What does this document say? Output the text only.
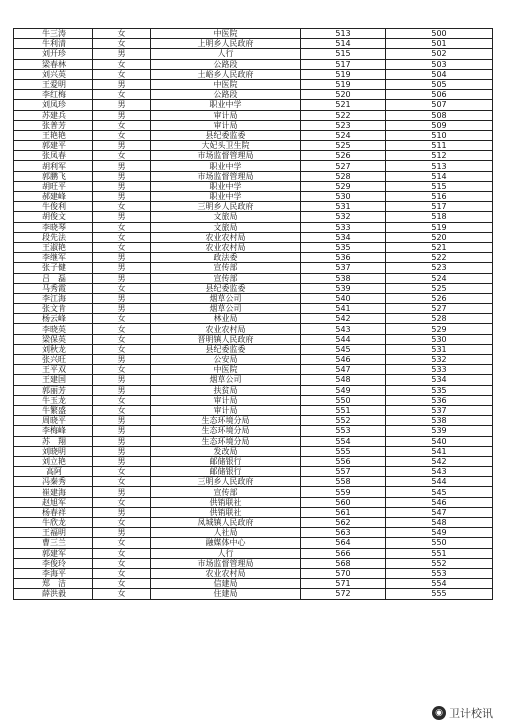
牛三涛	女	中医院	513	500
牛利清	女	上明乡人民政府	514	501
刘开珍	男	人行	515	502
梁春林	女	公路段	517	503
刘兴英	女	土峪乡人民政府	519	504
王爱明	男	中医院	519	505
李红梅	女	公路段	520	506
刘凤珍	男	职业中学	521	507
苏建兵	男	审计局	522	508
张普芳	女	审计局	523	509
王艳艳	女	县纪委监委	524	510
郭建平	男	大妃头卫生院	525	511
张凤春	女	市场监督管理局	526	512
胡利军	男	职业中学	527	513
郭鹏飞	男	市场监督管理局	528	514
胡旺平	男	职业中学	529	515
郝建峰	男	职业中学	530	516
牛俊利	女	三明乡人民政府	531	517
胡俊文	男	文旅局	532	518
李晓琴	女	文旅局	533	519
段先法	女	农业农村局	534	520
王淑艳	女	农业农村局	535	521
李继军	男	政法委	536	522
张子健	男	宣传部	537	523
吕　磊	男	宣传部	538	524
马秀霞	女	县纪委监委	539	525
李江海	男	烟草公司	540	526
张文肯	男	烟草公司	541	527
杨云峰	女	林业局	542	528
李晓英	女	农业农村局	543	529
梁保英	女	晋明镇人民政府	544	530
刘秋龙	女	县纪委监委	545	531
张兴旺	男	公安局	546	532
王平双	女	中医院	547	533
王建国	男	烟草公司	548	534
郭丽芳	男	扶贫局	549	535
牛玉龙	女	审计局	550	536
牛繁盛	女	审计局	551	537
周晓平	男	生态环境分局	552	538
李梅峰	男	生态环境分局	553	539
苏　翔	男	生态环境分局	554	540
刘晓明	男	发改局	555	541
刘立艳	男	邮储银行	556	542
高阿	女	邮储银行	557	543
冯秦秀	女	三明乡人民政府	558	544
崔建海	男	宣传部	559	545
赵旭军	女	供销联社	560	546
杨春祥	男	供销联社	561	547
牛欣龙	女	凤城镇人民政府	562	548
王福明	男	人社局	563	549
曹三兰	女	融媒体中心	564	550
郭建军	女	人行	566	551
李俊玲	女	市场监督管理局	568	552
李海平	女	农业农村局	570	553
郑　洁	女	信建局	571	554
薛洪毅	女	住建局	572	555
◉ 卫计校讯
